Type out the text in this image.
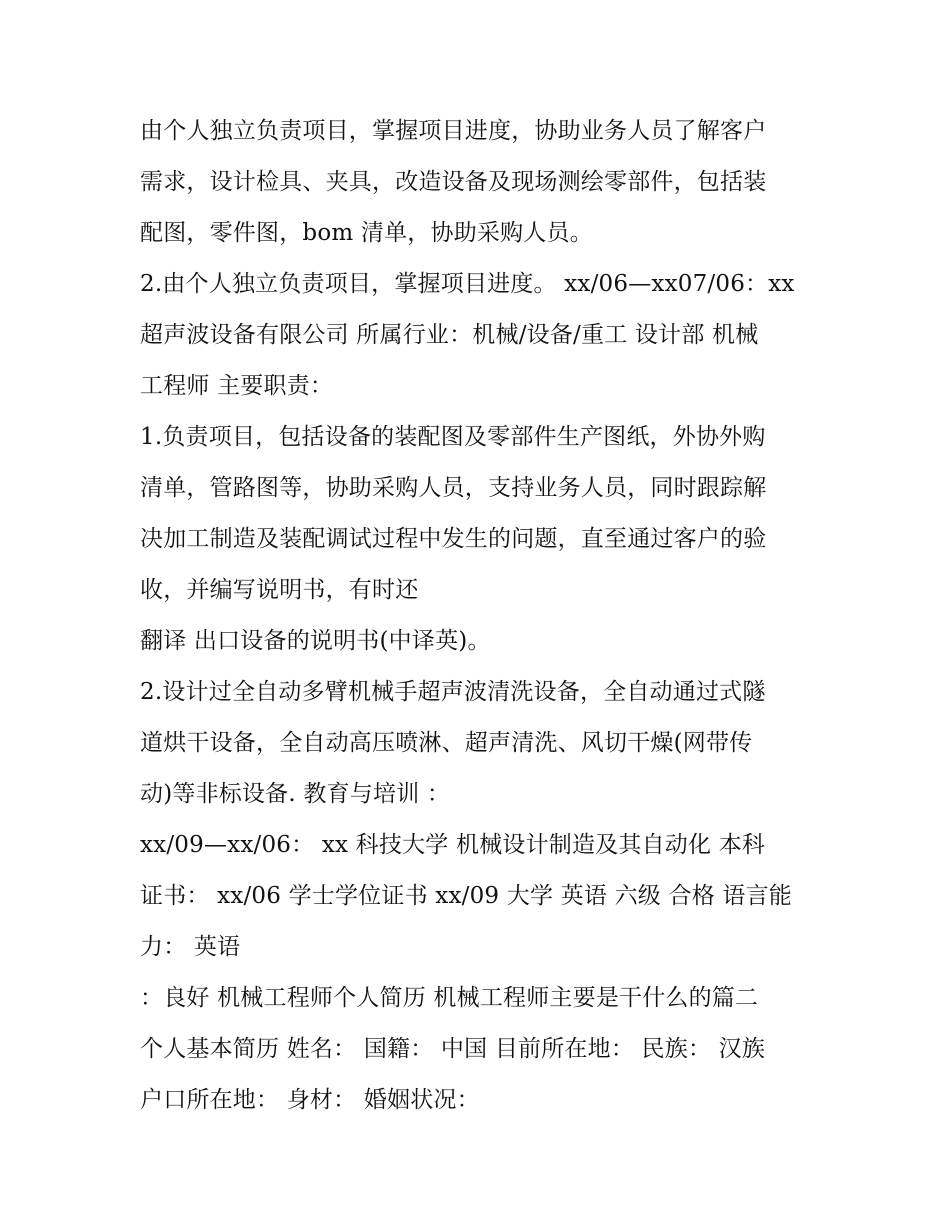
由个人独立负责项目，掌握项目进度，协助业务人员了解客户
需求，设计检具、夹具，改造设备及现场测绘零部件，包括装
配图，零件图，bom 清单，协助采购人员。
2.由个人独立负责项目，掌握项目进度。 xx/06—xx07/06：xx
超声波设备有限公司 所属行业：机械/设备/重工 设计部 机械
工程师 主要职责：
1.负责项目，包括设备的装配图及零部件生产图纸，外协外购
清单，管路图等，协助采购人员，支持业务人员，同时跟踪解
决加工制造及装配调试过程中发生的问题，直至通过客户的验
收，并编写说明书，有时还
翻译 出口设备的说明书(中译英)。
2.设计过全自动多臂机械手超声波清洗设备，全自动通过式隧
道烘干设备，全自动高压喷淋、超声清洗、风切干燥(网带传
动)等非标设备. 教育与培训 ：
xx/09—xx/06： xx 科技大学 机械设计制造及其自动化 本科
证书： xx/06 学士学位证书 xx/09 大学 英语 六级 合格 语言能
力： 英语
：良好 机械工程师个人简历 机械工程师主要是干什么的篇二
个人基本简历 姓名： 国籍： 中国 目前所在地： 民族： 汉族
户口所在地： 身材： 婚姻状况：
